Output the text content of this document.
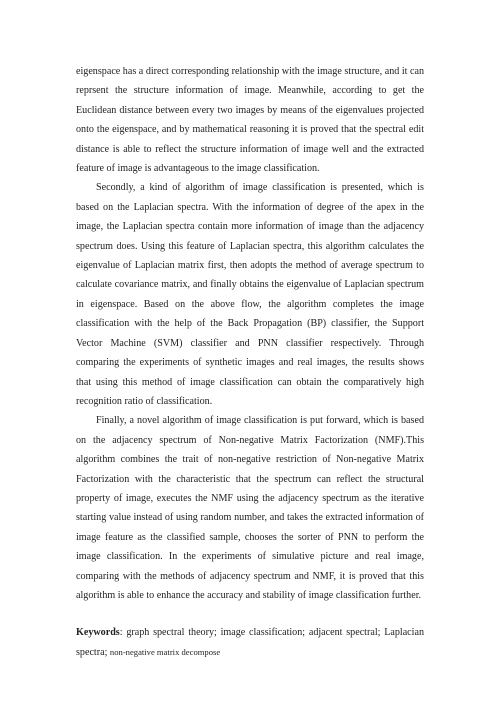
eigenspace has a direct corresponding relationship with the image structure, and it can reprsent the structure information of image. Meanwhile, according to get the Euclidean distance between every two images by means of the eigenvalues projected onto the eigenspace, and by mathematical reasoning it is proved that the spectral edit distance is able to reflect the structure information of image well and the extracted feature of image is advantageous to the image classification.

Secondly, a kind of algorithm of image classification is presented, which is based on the Laplacian spectra. With the information of degree of the apex in the image, the Laplacian spectra contain more information of image than the adjacency spectrum does. Using this feature of Laplacian spectra, this algorithm calculates the eigenvalue of Laplacian matrix first, then adopts the method of average spectrum to calculate covariance matrix, and finally obtains the eigenvalue of Laplacian spectrum in eigenspace. Based on the above flow, the algorithm completes the image classification with the help of the Back Propagation (BP) classifier, the Support Vector Machine (SVM) classifier and PNN classifier respectively. Through comparing the experiments of synthetic images and real images, the results shows that using this method of image classification can obtain the comparatively high recognition ratio of classification.

Finally, a novel algorithm of image classification is put forward, which is based on the adjacency spectrum of Non-negative Matrix Factorization (NMF).This algorithm combines the trait of non-negative restriction of Non-negative Matrix Factorization with the characteristic that the spectrum can reflect the structural property of image, executes the NMF using the adjacency spectrum as the iterative starting value instead of using random number, and takes the extracted information of image feature as the classified sample, chooses the sorter of PNN to perform the image classification. In the experiments of simulative picture and real image, comparing with the methods of adjacency spectrum and NMF, it is proved that this algorithm is able to enhance the accuracy and stability of image classification further.

Keywords: graph spectral theory; image classification; adjacent spectral; Laplacian spectra; non-negative matrix decompose
